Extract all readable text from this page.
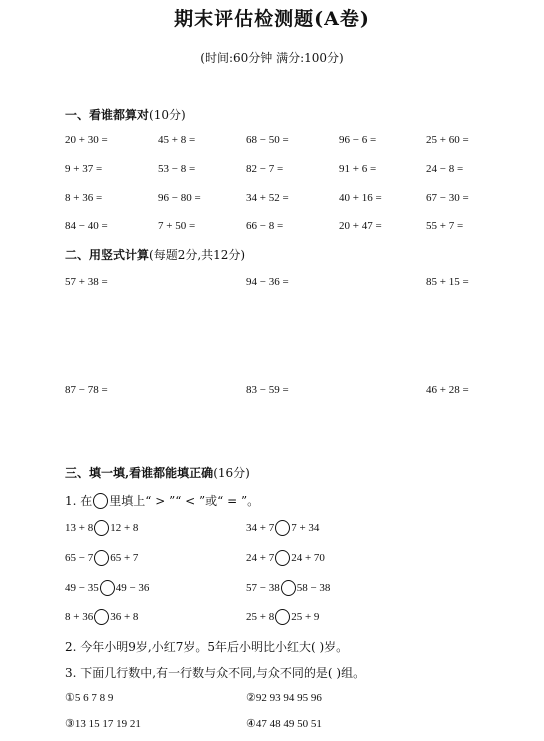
期末评估检测题(A卷)
(时间:60分钟 满分:100分)
一、看谁都算对(10分)
20 + 30 =	45 + 8 =	68 − 50 =	96 − 6 =	25 + 60 =
9 + 37 =	53 − 8 =	82 − 7 =	91 + 6 =	24 − 8 =
8 + 36 =	96 − 80 =	34 + 52 =	40 + 16 =	67 − 30 =
84 − 40 =	7 + 50 =	66 − 8 =	20 + 47 =	55 + 7 =
二、用竖式计算(每题2分,共12分)
57 + 38 =	94 − 36 =	85 + 15 =
87 − 78 =	83 − 59 =	46 + 28 =
三、填一填,看谁都能填正确(16分)
1. 在 里填上“ > ”“ < ”或“ = ”。
13 + 8 12 + 8	34 + 7 7 + 34
65 − 7 65 + 7	24 + 7 24 + 70
49 − 35 49 − 36	57 − 38 58 − 38
8 + 36 36 + 8	25 + 8 25 + 9
2. 今年小明9岁,小红7岁。5年后小明比小红大( )岁。
3. 下面几行数中,有一行数与众不同,与众不同的是( )组。
①5 6 7 8 9	②92 93 94 95 96
③13 15 17 19 21	④47 48 49 50 51
